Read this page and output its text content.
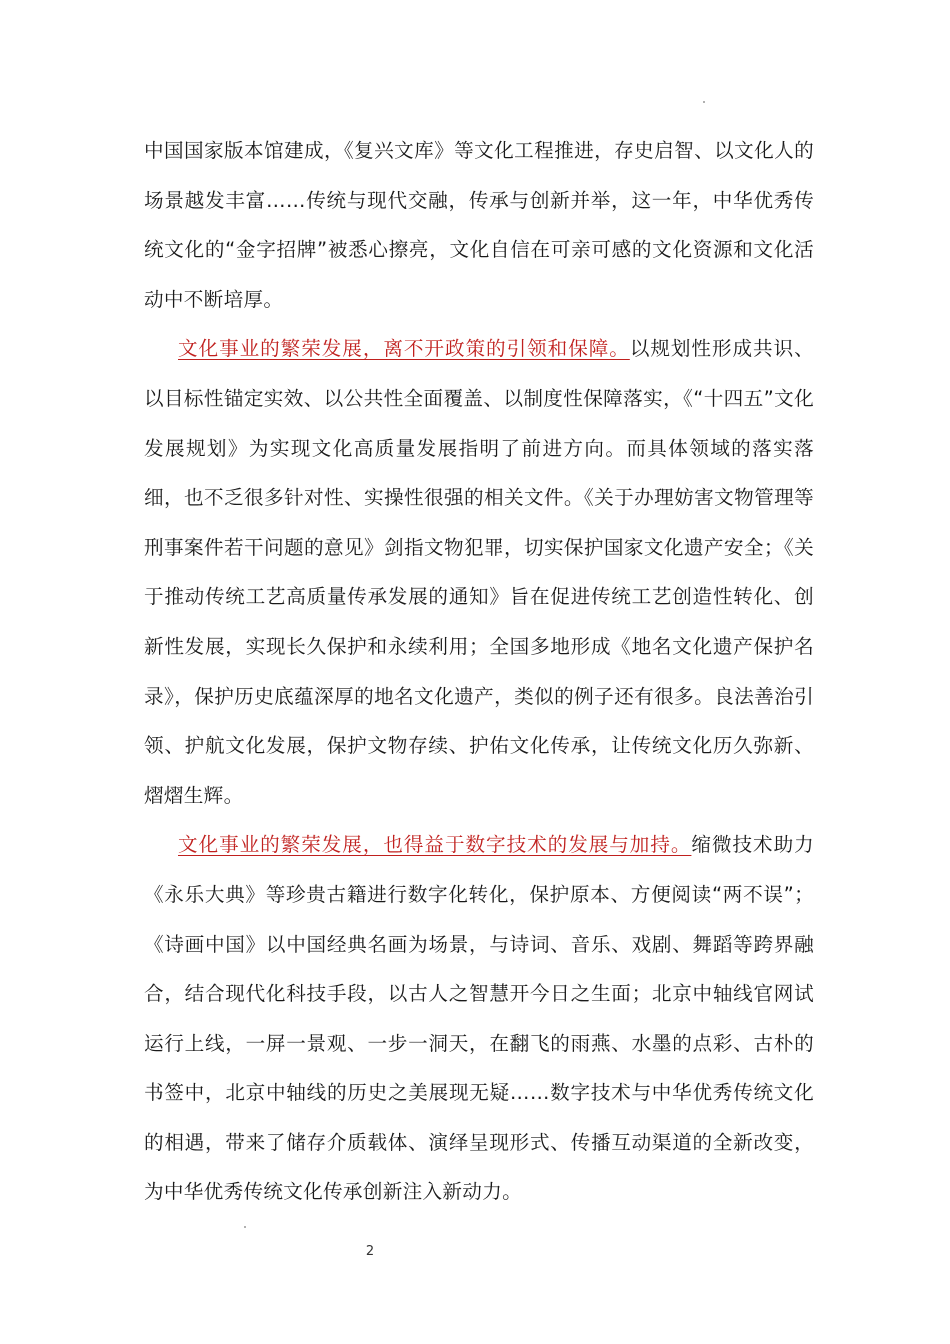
中国国家版本馆建成，《复兴文库》等文化工程推进，存史启智、以文化人的场景越发丰富……传统与现代交融，传承与创新并举，这一年，中华优秀传统文化的“金字招牌”被悉心擦亮，文化自信在可亲可感的文化资源和文化活动中不断培厚。

文化事业的繁荣发展，离不开政策的引领和保障。以规划性形成共识、以目标性锚定实效、以公共性全面覆盖、以制度性保障落实，《“十四五”文化发展规划》为实现文化高质量发展指明了前进方向。而具体领域的落实落细，也不乏很多针对性、实操性很强的相关文件。《关于办理妨害文物管理等刑事案件若干问题的意见》剑指文物犯罪，切实保护国家文化遗产安全；《关于推动传统工艺高质量传承发展的通知》旨在促进传统工艺创造性转化、创新性发展，实现长久保护和永续利用；全国多地形成《地名文化遗产保护名录》，保护历史底蕴深厚的地名文化遗产，类似的例子还有很多。良法善治引领、护航文化发展，保护文物存续、护佑文化传承，让传统文化历久弥新、熠熠生辉。

文化事业的繁荣发展，也得益于数字技术的发展与加持。缩微技术助力《永乐大典》等珍贵古籍进行数字化转化，保护原本、方便阅读“两不误”；《诗画中国》以中国经典名画为场景，与诗词、音乐、戏剧、舞蹈等跨界融合，结合现代化科技手段，以古人之智慧开今日之生面；北京中轴线官网试运行上线，一屏一景观、一步一洞天，在翻飞的雨燕、水墨的点彩、古朴的书签中，北京中轴线的历史之美展现无疑……数字技术与中华优秀传统文化的相遇，带来了储存介质载体、演绎呈现形式、传播互动渠道的全新改变，为中华优秀传统文化传承创新注入新动力。

2
